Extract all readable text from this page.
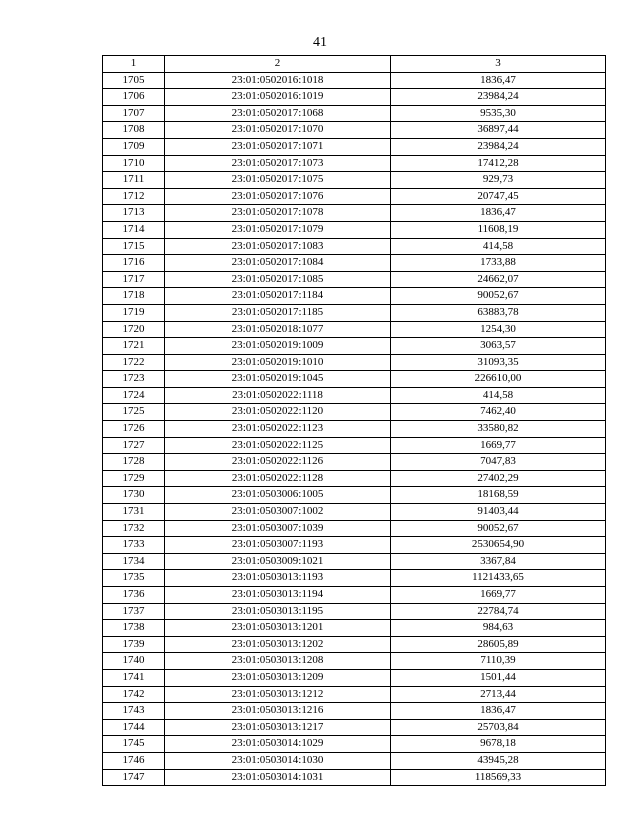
41
1	2	3
1705	23:01:0502016:1018	1836,47
1706	23:01:0502016:1019	23984,24
1707	23:01:0502017:1068	9535,30
1708	23:01:0502017:1070	36897,44
1709	23:01:0502017:1071	23984,24
1710	23:01:0502017:1073	17412,28
1711	23:01:0502017:1075	929,73
1712	23:01:0502017:1076	20747,45
1713	23:01:0502017:1078	1836,47
1714	23:01:0502017:1079	11608,19
1715	23:01:0502017:1083	414,58
1716	23:01:0502017:1084	1733,88
1717	23:01:0502017:1085	24662,07
1718	23:01:0502017:1184	90052,67
1719	23:01:0502017:1185	63883,78
1720	23:01:0502018:1077	1254,30
1721	23:01:0502019:1009	3063,57
1722	23:01:0502019:1010	31093,35
1723	23:01:0502019:1045	226610,00
1724	23:01:0502022:1118	414,58
1725	23:01:0502022:1120	7462,40
1726	23:01:0502022:1123	33580,82
1727	23:01:0502022:1125	1669,77
1728	23:01:0502022:1126	7047,83
1729	23:01:0502022:1128	27402,29
1730	23:01:0503006:1005	18168,59
1731	23:01:0503007:1002	91403,44
1732	23:01:0503007:1039	90052,67
1733	23:01:0503007:1193	2530654,90
1734	23:01:0503009:1021	3367,84
1735	23:01:0503013:1193	1121433,65
1736	23:01:0503013:1194	1669,77
1737	23:01:0503013:1195	22784,74
1738	23:01:0503013:1201	984,63
1739	23:01:0503013:1202	28605,89
1740	23:01:0503013:1208	7110,39
1741	23:01:0503013:1209	1501,44
1742	23:01:0503013:1212	2713,44
1743	23:01:0503013:1216	1836,47
1744	23:01:0503013:1217	25703,84
1745	23:01:0503014:1029	9678,18
1746	23:01:0503014:1030	43945,28
1747	23:01:0503014:1031	118569,33
